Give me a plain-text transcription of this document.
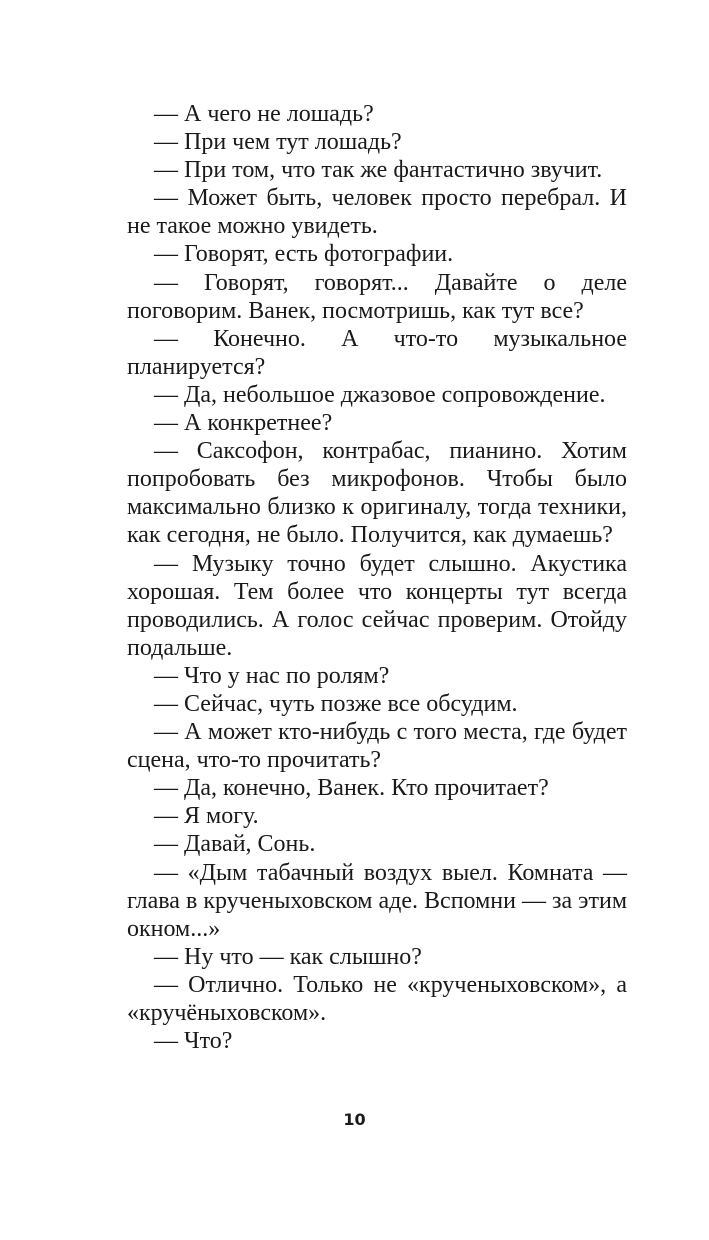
— А чего не лошадь?

— При чем тут лошадь?

— При том, что так же фантастично звучит.

— Может быть, человек просто перебрал. И не такое можно увидеть.

— Говорят, есть фотографии.

— Говорят, говорят... Давайте о деле поговорим. Ванек, посмотришь, как тут все?

— Конечно. А что-то музыкальное планируется?

— Да, небольшое джазовое сопровождение.

— А конкретнее?

— Саксофон, контрабас, пианино. Хотим попробовать без микрофонов. Чтобы было максимально близко к оригиналу, тогда техники, как сегодня, не было. Получится, как думаешь?

— Музыку точно будет слышно. Акустика хорошая. Тем более что концерты тут всегда проводились. А голос сейчас проверим. Отойду подальше.

— Что у нас по ролям?

— Сейчас, чуть позже все обсудим.

— А может кто-нибудь с того места, где будет сцена, что-то прочитать?

— Да, конечно, Ванек. Кто прочитает?

— Я могу.

— Давай, Сонь.

— «Дым табачный воздух выел. Комната — глава в крученыховском аде. Вспомни — за этим окном...»

— Ну что — как слышно?

— Отлично. Только не «крученыховском», а «кручёныховском».

— Что?

10
